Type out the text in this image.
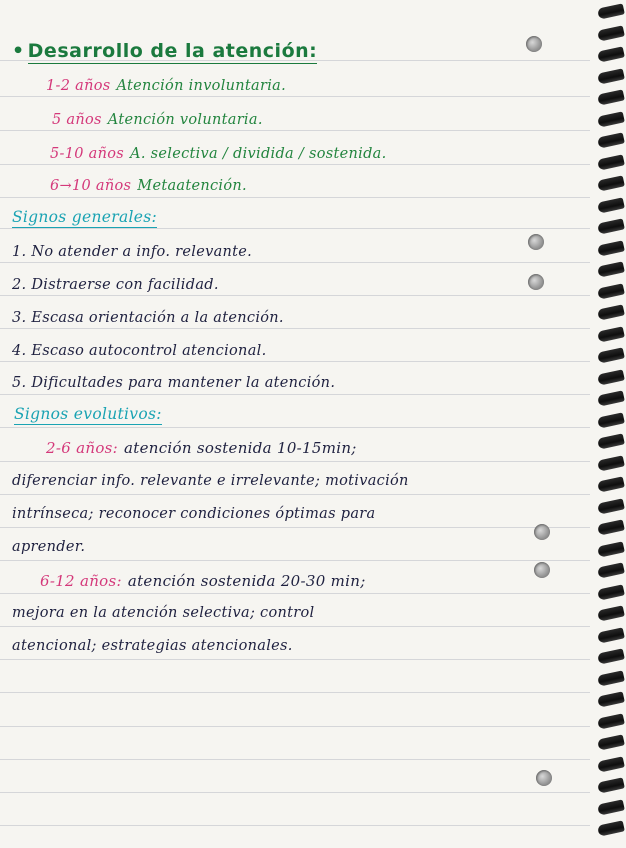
• Desarrollo de la atención:
1-2 años Atención involuntaria.
5 años Atención voluntaria.
5-10 años A. selectiva / dividida / sostenida.
6→10 años Metaatención.
Signos generales:
1. No atender a info. relevante.
2. Distraerse con facilidad.
3. Escasa orientación a la atención.
4. Escaso autocontrol atencional.
5. Dificultades para mantener la atención.
Signos evolutivos:
2-6 años: atención sostenida 10-15min;
diferenciar info. relevante e irrelevante; motivación
intrínseca; reconocer condiciones óptimas para
aprender.
6-12 años: atención sostenida 20-30 min;
mejora en la atención selectiva; control
atencional; estrategias atencionales.
